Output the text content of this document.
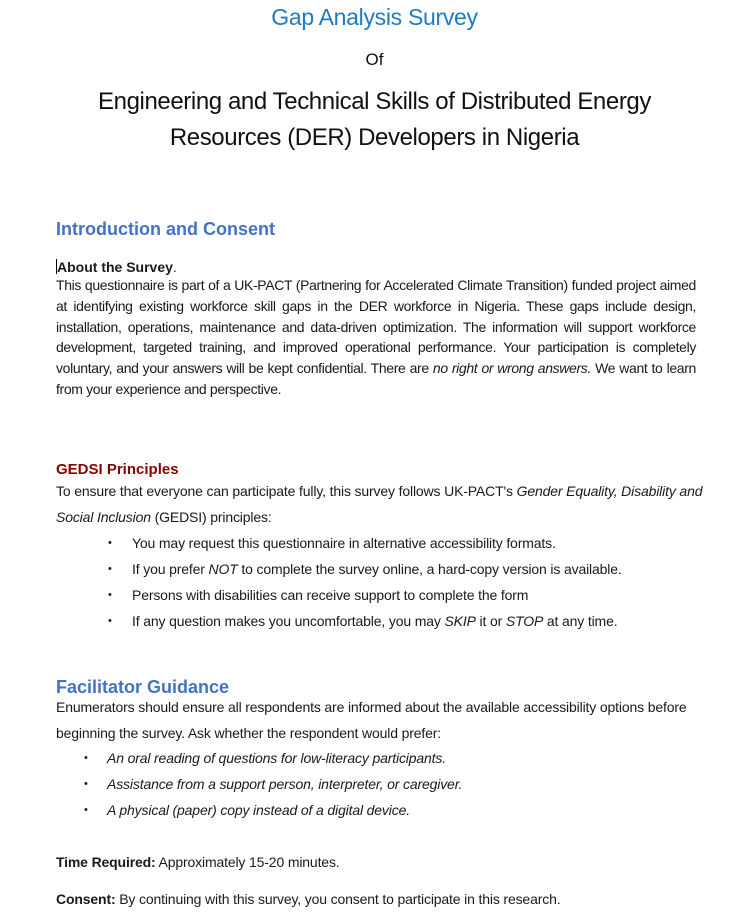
Gap Analysis Survey
Of
Engineering and Technical Skills of Distributed Energy
Resources (DER) Developers in Nigeria
Introduction and Consent
About the Survey.
This questionnaire is part of a UK-PACT (Partnering for Accelerated Climate Transition) funded project aimed at identifying existing workforce skill gaps in the DER workforce in Nigeria. These gaps include design, installation, operations, maintenance and data-driven optimization. The information will support workforce development, targeted training, and improved operational performance. Your participation is completely voluntary, and your answers will be kept confidential. There are no right or wrong answers. We want to learn from your experience and perspective.
GEDSI Principles
To ensure that everyone can participate fully, this survey follows UK-PACT's Gender Equality, Disability and Social Inclusion (GEDSI) principles:
• You may request this questionnaire in alternative accessibility formats.
• If you prefer NOT to complete the survey online, a hard-copy version is available.
• Persons with disabilities can receive support to complete the form
• If any question makes you uncomfortable, you may SKIP it or STOP at any time.
Facilitator Guidance
Enumerators should ensure all respondents are informed about the available accessibility options before beginning the survey. Ask whether the respondent would prefer:
• An oral reading of questions for low-literacy participants.
• Assistance from a support person, interpreter, or caregiver.
• A physical (paper) copy instead of a digital device.
Time Required: Approximately 15-20 minutes.
Consent: By continuing with this survey, you consent to participate in this research.
